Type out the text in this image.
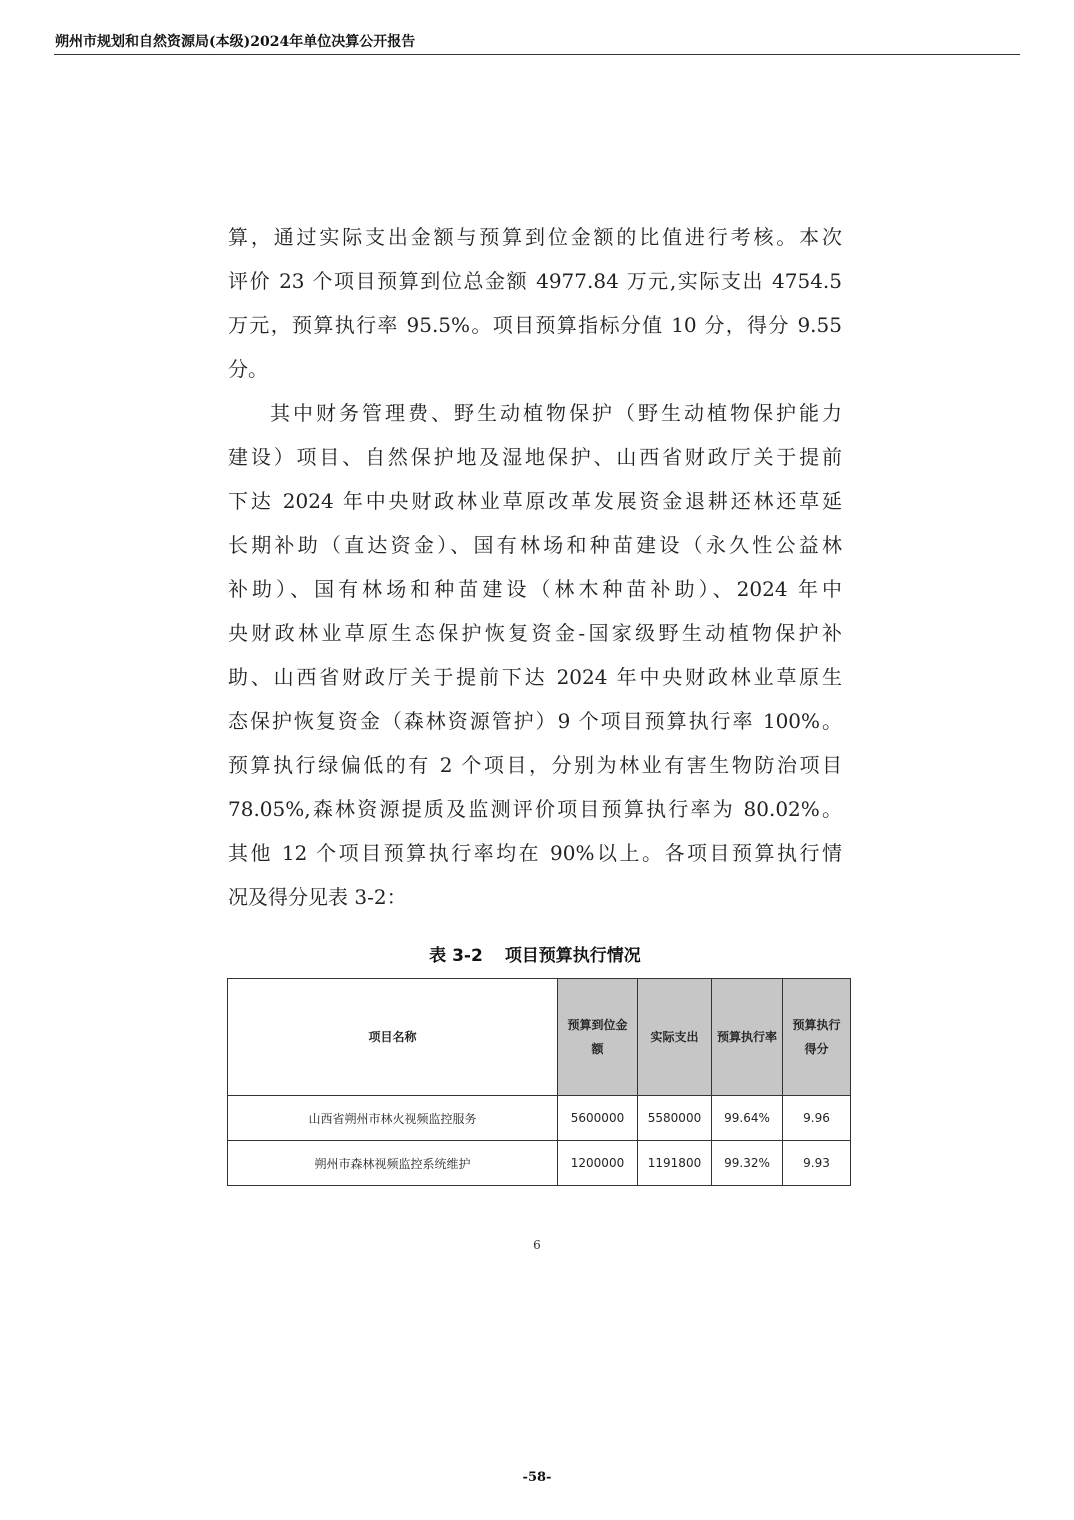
朔州市规划和自然资源局(本级)2024年单位决算公开报告
算，通过实际支出金额与预算到位金额的比值进行考核。本次
评价 23 个项目预算到位总金额 4977.84 万元,实际支出 4754.5
万元，预算执行率 95.5%。项目预算指标分值 10 分，得分 9.55
分。
其中财务管理费、野生动植物保护（野生动植物保护能力
建设）项目、自然保护地及湿地保护、山西省财政厅关于提前
下达 2024 年中央财政林业草原改革发展资金退耕还林还草延
长期补助（直达资金）、国有林场和种苗建设（永久性公益林
补助）、国有林场和种苗建设（林木种苗补助）、2024 年中
央财政林业草原生态保护恢复资金-国家级野生动植物保护补
助、山西省财政厅关于提前下达 2024 年中央财政林业草原生
态保护恢复资金（森林资源管护）9 个项目预算执行率 100%。
预算执行绿偏低的有 2 个项目，分别为林业有害生物防治项目
78.05%,森林资源提质及监测评价项目预算执行率为 80.02%。
其他 12 个项目预算执行率均在 90%以上。各项目预算执行情
况及得分见表 3-2：
表 3-2 项目预算执行情况
项目名称	预算到位金额	实际支出	预算执行率	预算执行得分
山西省朔州市林火视频监控服务	5600000	5580000	99.64%	9.96
朔州市森林视频监控系统维护	1200000	1191800	99.32%	9.93
6
-58-
